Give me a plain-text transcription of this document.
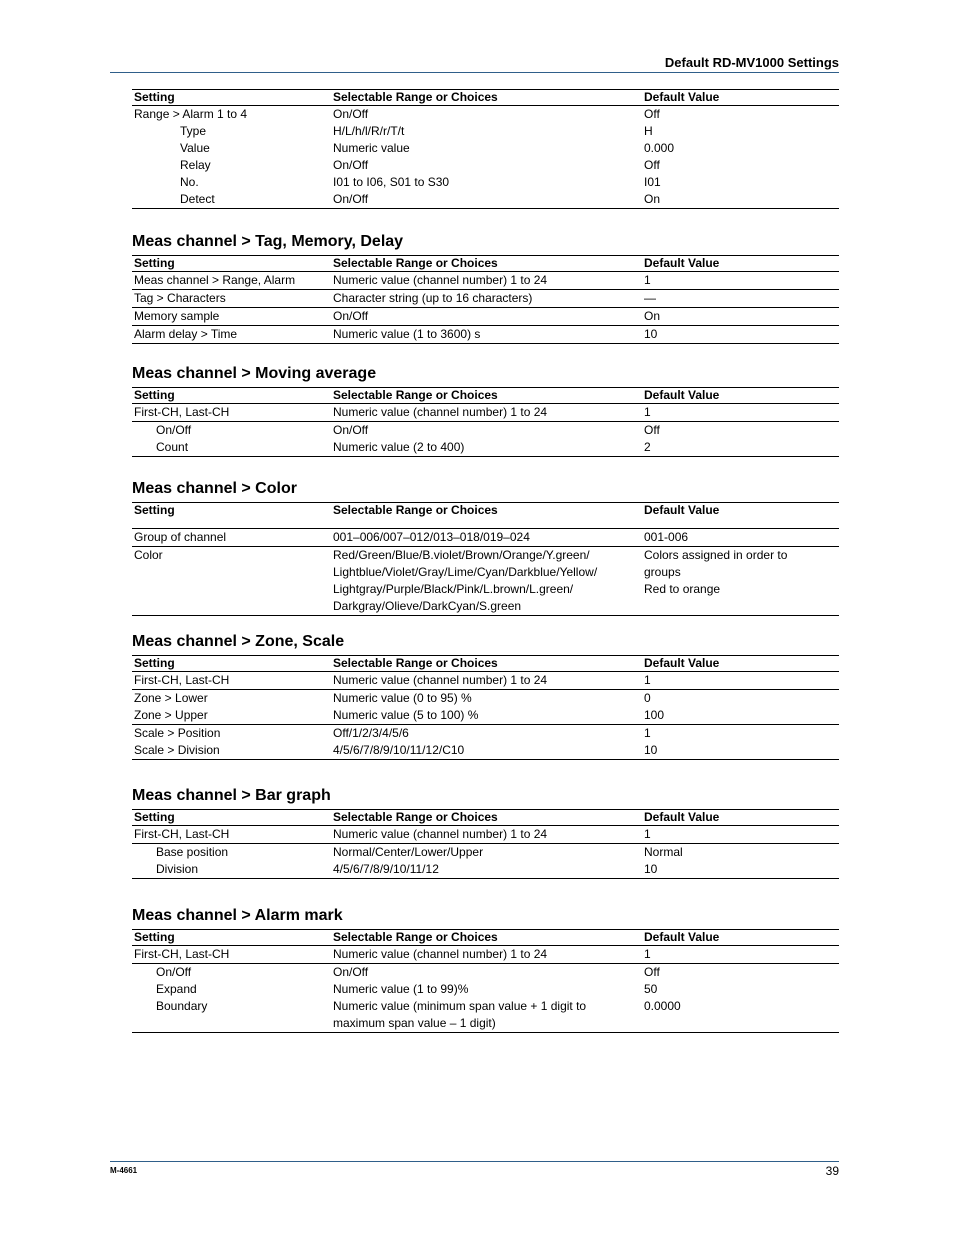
Default RD-MV1000 Settings
Setting	Selectable Range or Choices	Default Value
Range > Alarm 1 to 4	On/Off	Off
Type	H/L/h/l/R/r/T/t	H
Value	Numeric value	0.000
Relay	On/Off	Off
No.	I01 to I06, S01 to S30	I01
Detect	On/Off	On
Meas channel > Tag, Memory, Delay
Setting	Selectable Range or Choices	Default Value
Meas channel > Range, Alarm	Numeric value (channel number) 1 to 24	1
Tag > Characters	Character string (up to 16 characters)	—
Memory sample	On/Off	On
Alarm delay > Time	Numeric value (1 to 3600) s	10
Meas channel > Moving average
Setting	Selectable Range or Choices	Default Value
First-CH, Last-CH	Numeric value (channel number) 1 to 24	1
On/Off	On/Off	Off
Count	Numeric value (2 to 400)	2
Meas channel > Color
Setting	Selectable Range or Choices	Default Value
Group of channel	001–006/007–012/013–018/019–024	001-006
Color	Red/Green/Blue/B.violet/Brown/Orange/Y.green/	Colors assigned in order to
	Lightblue/Violet/Gray/Lime/Cyan/Darkblue/Yellow/	groups
	Lightgray/Purple/Black/Pink/L.brown/L.green/	Red to orange
	Darkgray/Olieve/DarkCyan/S.green	
Meas channel > Zone, Scale
Setting	Selectable Range or Choices	Default Value
First-CH, Last-CH	Numeric value (channel number) 1 to 24	1
Zone > Lower	Numeric value (0 to 95) %	0
Zone > Upper	Numeric value (5 to 100) %	100
Scale > Position	Off/1/2/3/4/5/6	1
Scale > Division	4/5/6/7/8/9/10/11/12/C10	10
Meas channel > Bar graph
Setting	Selectable Range or Choices	Default Value
First-CH, Last-CH	Numeric value (channel number) 1 to 24	1
Base position	Normal/Center/Lower/Upper	Normal
Division	4/5/6/7/8/9/10/11/12	10
Meas channel > Alarm mark
Setting	Selectable Range or Choices	Default Value
First-CH, Last-CH	Numeric value (channel number) 1 to 24	1
On/Off	On/Off	Off
Expand	Numeric value (1 to 99)%	50
Boundary	Numeric value (minimum span value + 1 digit to	0.0000
	maximum span value – 1 digit)	
M-4661	39
